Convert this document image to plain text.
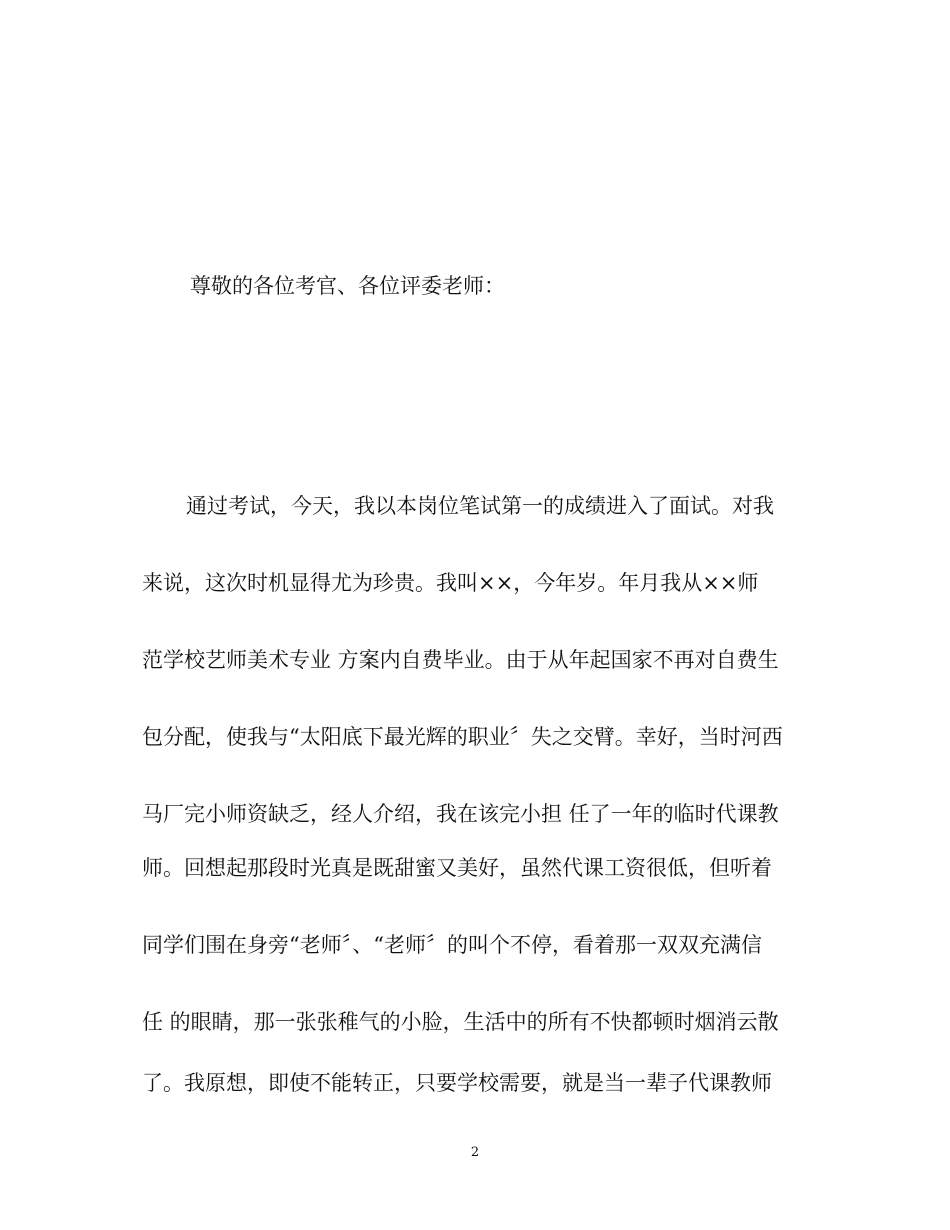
尊敬的各位考官、各位评委老师：
通过考试，今天，我以本岗位笔试第一的成绩进入了面试。对我
来说，这次时机显得尤为珍贵。我叫××，今年岁。年月我从××师
范学校艺师美术专业 方案内自费毕业。由于从年起国家不再对自费生
包分配，使我与“太阳底下最光辉的职业〞失之交臂。幸好，当时河西
马厂完小师资缺乏，经人介绍，我在该完小担 任了一年的临时代课教
师。回想起那段时光真是既甜蜜又美好，虽然代课工资很低，但听着
同学们围在身旁“老师〞、“老师〞的叫个不停，看着那一双双充满信
任 的眼睛，那一张张稚气的小脸，生活中的所有不快都顿时烟消云散
了。我原想，即使不能转正，只要学校需要，就是当一辈子代课教师
2
